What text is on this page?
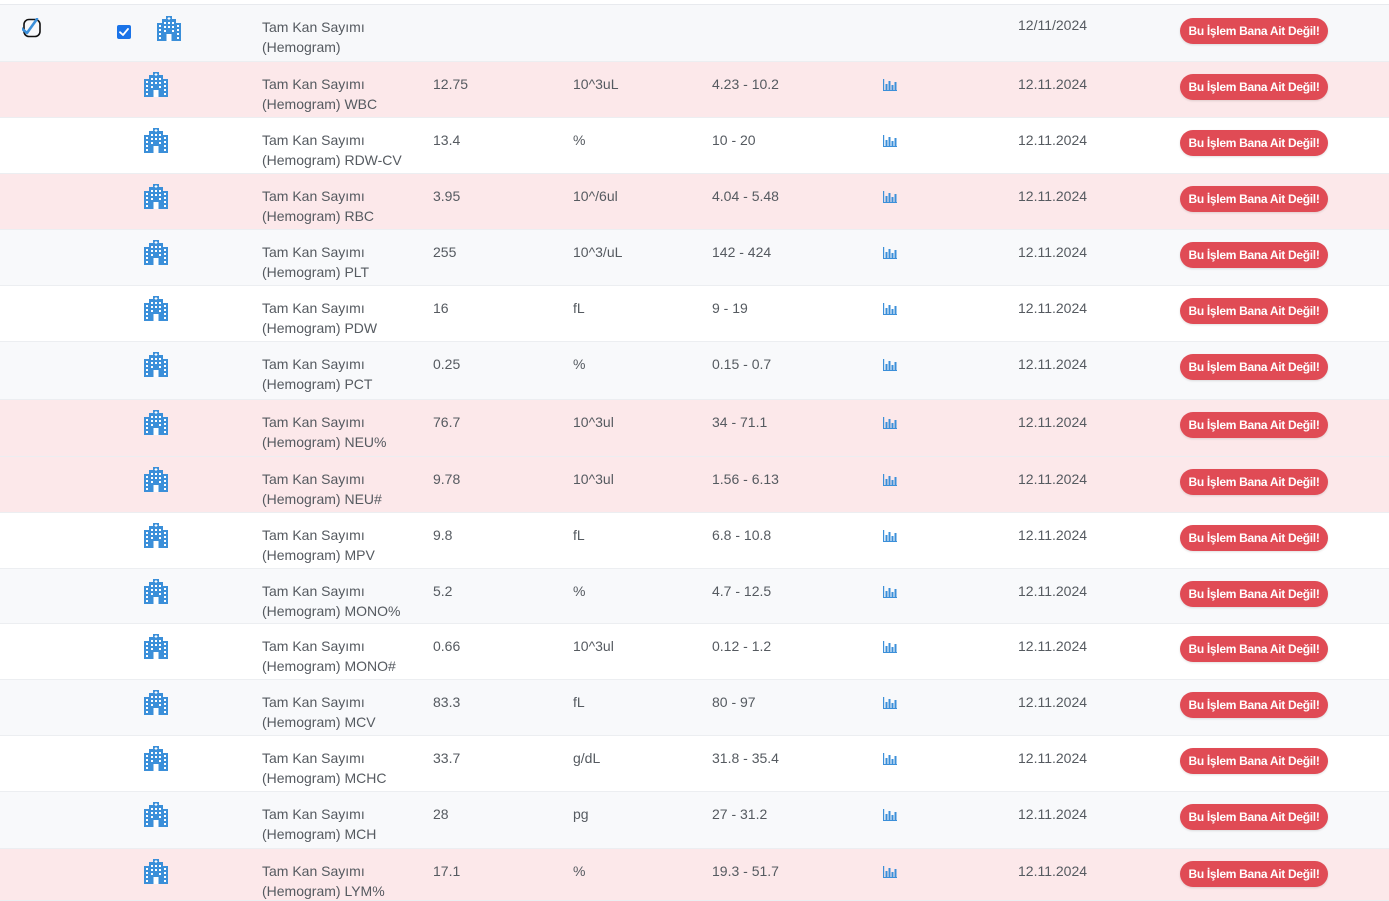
Tam Kan Sayımı
(Hemogram)
12/11/2024	Bu İşlem Bana Ait Değil!
Tam Kan Sayımı
(Hemogram) WBC
12.75	10^3uL	4.23 - 10.2	12.11.2024	Bu İşlem Bana Ait Değil!
Tam Kan Sayımı
(Hemogram) RDW-CV
13.4	%	10 - 20	12.11.2024	Bu İşlem Bana Ait Değil!
Tam Kan Sayımı
(Hemogram) RBC
3.95	10^/6ul	4.04 - 5.48	12.11.2024	Bu İşlem Bana Ait Değil!
Tam Kan Sayımı
(Hemogram) PLT
255	10^3/uL	142 - 424	12.11.2024	Bu İşlem Bana Ait Değil!
Tam Kan Sayımı
(Hemogram) PDW
16	fL	9 - 19	12.11.2024	Bu İşlem Bana Ait Değil!
Tam Kan Sayımı
(Hemogram) PCT
0.25	%	0.15 - 0.7	12.11.2024	Bu İşlem Bana Ait Değil!
Tam Kan Sayımı
(Hemogram) NEU%
76.7	10^3ul	34 - 71.1	12.11.2024	Bu İşlem Bana Ait Değil!
Tam Kan Sayımı
(Hemogram) NEU#
9.78	10^3ul	1.56 - 6.13	12.11.2024	Bu İşlem Bana Ait Değil!
Tam Kan Sayımı
(Hemogram) MPV
9.8	fL	6.8 - 10.8	12.11.2024	Bu İşlem Bana Ait Değil!
Tam Kan Sayımı
(Hemogram) MONO%
5.2	%	4.7 - 12.5	12.11.2024	Bu İşlem Bana Ait Değil!
Tam Kan Sayımı
(Hemogram) MONO#
0.66	10^3ul	0.12 - 1.2	12.11.2024	Bu İşlem Bana Ait Değil!
Tam Kan Sayımı
(Hemogram) MCV
83.3	fL	80 - 97	12.11.2024	Bu İşlem Bana Ait Değil!
Tam Kan Sayımı
(Hemogram) MCHC
33.7	g/dL	31.8 - 35.4	12.11.2024	Bu İşlem Bana Ait Değil!
Tam Kan Sayımı
(Hemogram) MCH
28	pg	27 - 31.2	12.11.2024	Bu İşlem Bana Ait Değil!
Tam Kan Sayımı
(Hemogram) LYM%
17.1	%	19.3 - 51.7	12.11.2024	Bu İşlem Bana Ait Değil!
